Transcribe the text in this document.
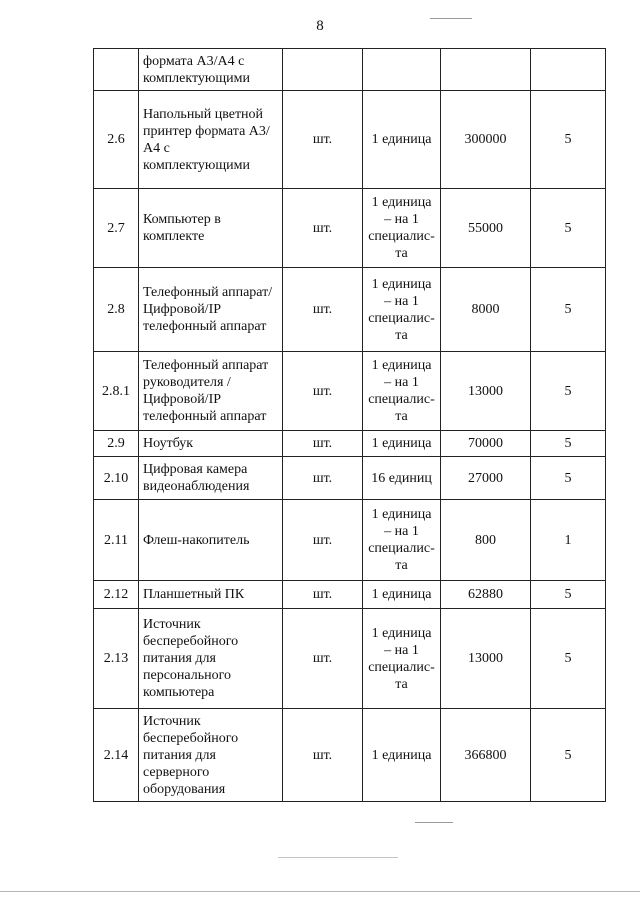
8
	формата А3/А4 с комплектующими				
2.6	Напольный цветной принтер формата А3/А4 с комплектующими	шт.	1 единица	300000	5
2.7	Компьютер в комплекте	шт.	1 единица – на 1 специалис-та	55000	5
2.8	Телефонный аппарат/Цифровой/IP телефонный аппарат	шт.	1 единица – на 1 специалис-та	8000	5
2.8.1	Телефонный аппарат руководителя /Цифровой/IP телефонный аппарат	шт.	1 единица – на 1 специалис-та	13000	5
2.9	Ноутбук	шт.	1 единица	70000	5
2.10	Цифровая камера видеонаблюдения	шт.	16 единиц	27000	5
2.11	Флеш-накопитель	шт.	1 единица – на 1 специалис-та	800	1
2.12	Планшетный ПК	шт.	1 единица	62880	5
2.13	Источник бесперебойного питания для персонального компьютера	шт.	1 единица – на 1 специалис-та	13000	5
2.14	Источник бесперебойного питания для серверного оборудования	шт.	1 единица	366800	5
